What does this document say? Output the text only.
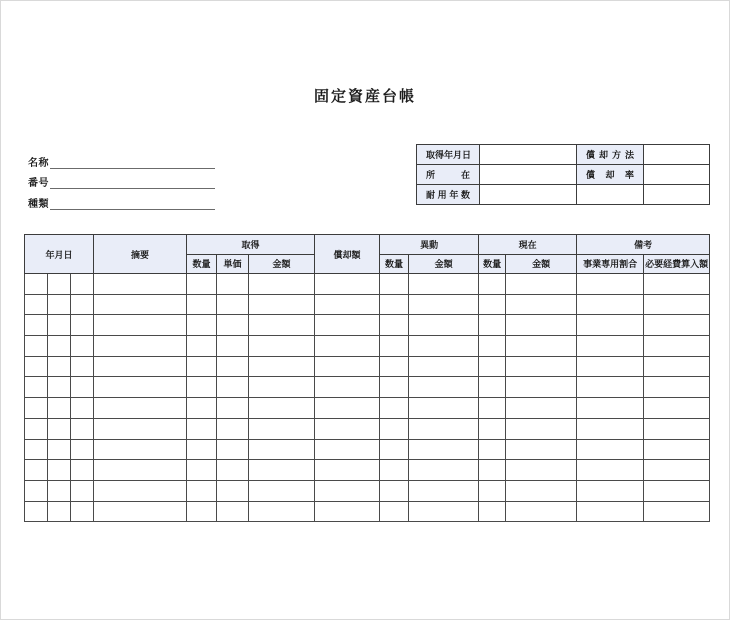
固定資産台帳
名称
番号
種類
取得年月日		償却方法	
所在		償却率	
耐用年数			
年月日			摘要	取得			償却額	異動		現在		備考	
				数量	単価	金額		数量	金額	数量	金額	事業専用割合	必要経費算入額
